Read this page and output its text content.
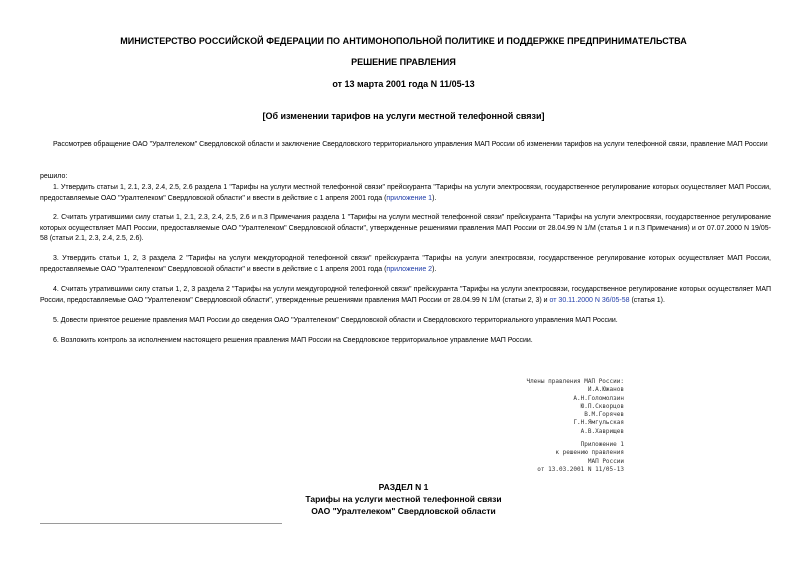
МИНИСТЕРСТВО РОССИЙСКОЙ ФЕДЕРАЦИИ ПО АНТИМОНОПОЛЬНОЙ ПОЛИТИКЕ И ПОДДЕРЖКЕ ПРЕДПРИНИМАТЕЛЬСТВА
РЕШЕНИЕ ПРАВЛЕНИЯ
от 13 марта 2001 года N 11/05-13
[Об изменении тарифов на услуги местной телефонной связи]
Рассмотрев обращение ОАО "Уралтелеком" Свердловской области и заключение Свердловского территориального управления МАП России об изменении тарифов на услуги телефонной связи, правление МАП России
решило:
1. Утвердить статьи 1, 2.1, 2.3, 2.4, 2.5, 2.6 раздела 1 "Тарифы на услуги местной телефонной связи" прейскуранта "Тарифы на услуги электросвязи, государственное регулирование которых осуществляет МАП России, предоставляемые ОАО "Уралтелеком" Свердловской области" и ввести в действие с 1 апреля 2001 года (приложение 1).
2. Считать утратившими силу статьи 1, 2.1, 2.3, 2.4, 2.5, 2.6 и п.3 Примечания раздела 1 "Тарифы на услуги местной телефонной связи" прейскуранта "Тарифы на услуги электросвязи, государственное регулирование которых осуществляет МАП России, предоставляемые ОАО "Уралтелеком" Свердловской области", утвержденные решениями правления МАП России от 28.04.99 N 1/М (статья 1 и п.3 Примечания) и от 07.07.2000 N 19/05-58 (статьи 2.1, 2.3, 2.4, 2.5, 2.6).
3. Утвердить статьи 1, 2, 3 раздела 2 "Тарифы на услуги междугородной телефонной связи" прейскуранта "Тарифы на услуги электросвязи, государственное регулирование которых осуществляет МАП России, предоставляемые ОАО "Уралтелеком" Свердловской области" и ввести в действие с 1 апреля 2001 года (приложение 2).
4. Считать утратившими силу статьи 1, 2, 3 раздела 2 "Тарифы на услуги междугородной телефонной связи" прейскуранта "Тарифы на услуги электросвязи, государственное регулирование которых осуществляет МАП России, предоставляемые ОАО "Уралтелеком" Свердловской области", утвержденные решениями правления МАП России от 28.04.99 N 1/М (статьи 2, 3) и от 30.11.2000 N 36/05-58 (статья 1).
5. Довести принятое решение правления МАП России до сведения ОАО "Уралтелеком" Свердловской области и Свердловского территориального управления МАП России.
6. Возложить контроль за исполнением настоящего решения правления МАП России на Свердловское территориальное управление МАП России.
Члены правления МАП России:
И.А.Южанов
А.Н.Голомолзин
Ю.П.Скворцов
В.М.Горячев
Г.Н.Ямгульская
А.В.Хаврищев
Приложение 1
к решению правления
МАП России
от 13.03.2001 N 11/05-13
РАЗДЕЛ N 1
Тарифы на услуги местной телефонной связи
ОАО "Уралтелеком" Свердловской области
